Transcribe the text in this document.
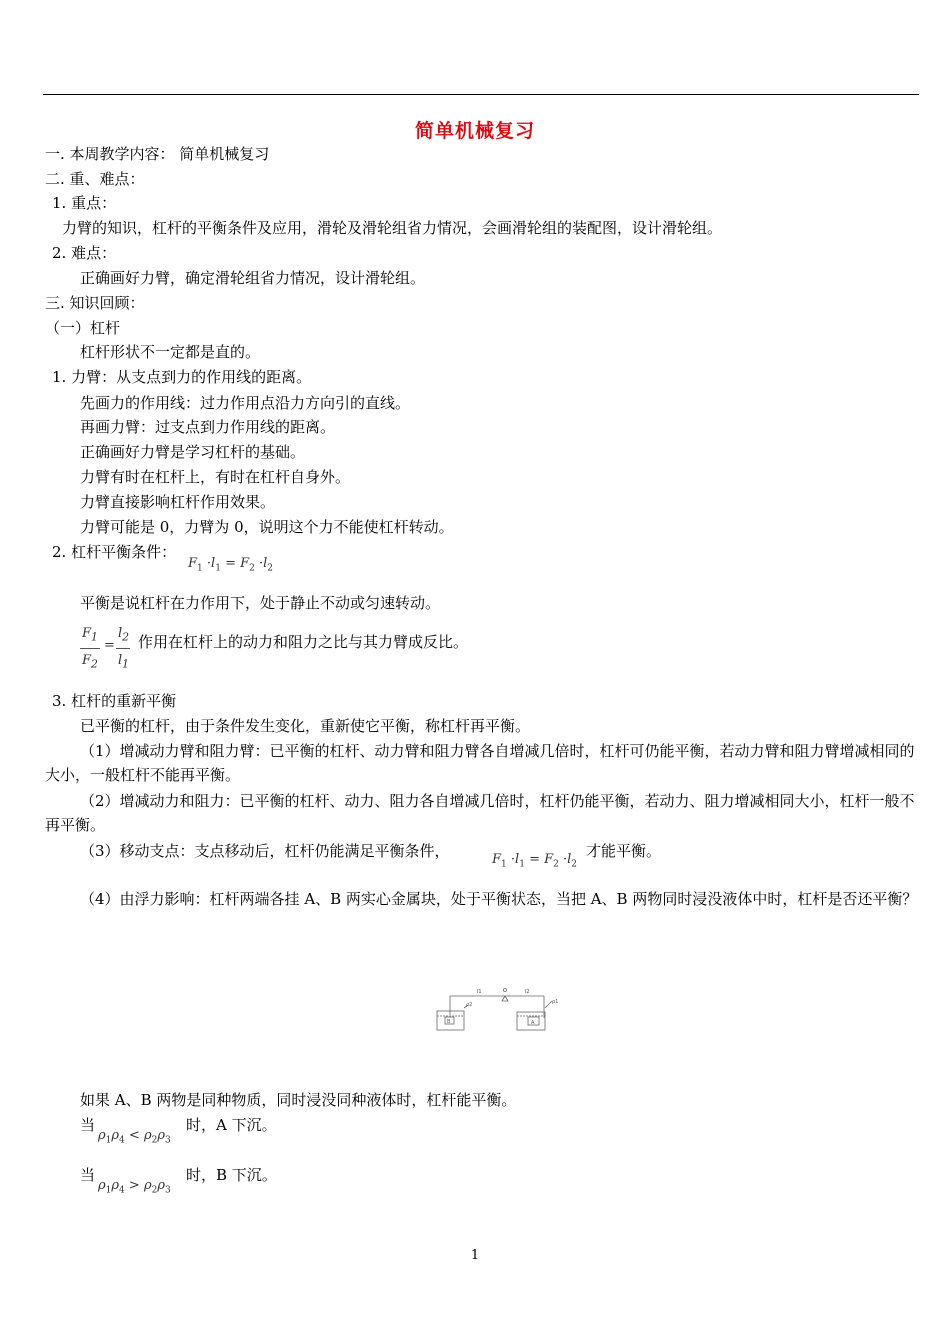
简单机械复习
一. 本周教学内容： 简单机械复习
二. 重、难点：
1. 重点：
力臂的知识，杠杆的平衡条件及应用，滑轮及滑轮组省力情况，会画滑轮组的装配图，设计滑轮组。
2. 难点：
正确画好力臂，确定滑轮组省力情况，设计滑轮组。
三. 知识回顾：
（一）杠杆
杠杆形状不一定都是直的。
1. 力臂：从支点到力的作用线的距离。
先画力的作用线：过力作用点沿力方向引的直线。
再画力臂：过支点到力作用线的距离。
正确画好力臂是学习杠杆的基础。
力臂有时在杠杆上，有时在杠杆自身外。
力臂直接影响杠杆作用效果。
力臂可能是 0，力臂为 0，说明这个力不能使杠杆转动。
2. 杠杆平衡条件：
$F_1 \cdot l_1 = F_2 \cdot l_2$
平衡是说杠杆在力作用下，处于静止不动或匀速转动。
$F_1$
$F_2$
=
$l_2$
$l_1$
作用在杠杆上的动力和阻力之比与其力臂成反比。
3. 杠杆的重新平衡
已平衡的杠杆，由于条件发生变化，重新使它平衡，称杠杆再平衡。
（1）增减动力臂和阻力臂：已平衡的杠杆、动力臂和阻力臂各自增减几倍时，杠杆可仍能平衡，若动力臂和阻力臂增减相同的大小，一般杠杆不能再平衡。
（2）增减动力和阻力：已平衡的杠杆、动力、阻力各自增减几倍时，杠杆仍能平衡，若动力、阻力增减相同大小，杠杆一般不再平衡。
（3）移动支点：支点移动后，杠杆仍能满足平衡条件，	$F_1 \cdot l_1 = F_2 \cdot l_2$
才能平衡。
（4）由浮力影响：杠杆两端各挂 A、B 两实心金属块，处于平衡状态，当把 A、B 两物同时浸没液体中时，杠杆是否还平衡？
l1	l2
B	A
ρ1
ρ2
如果 A、B 两物是同种物质，同时浸没同种液体时，杠杆能平衡。
当
$\rho_1\rho_4 < \rho_2\rho_3$
时，A 下沉。
当
$\rho_1\rho_4 > \rho_2\rho_3$
时，B 下沉。
1
